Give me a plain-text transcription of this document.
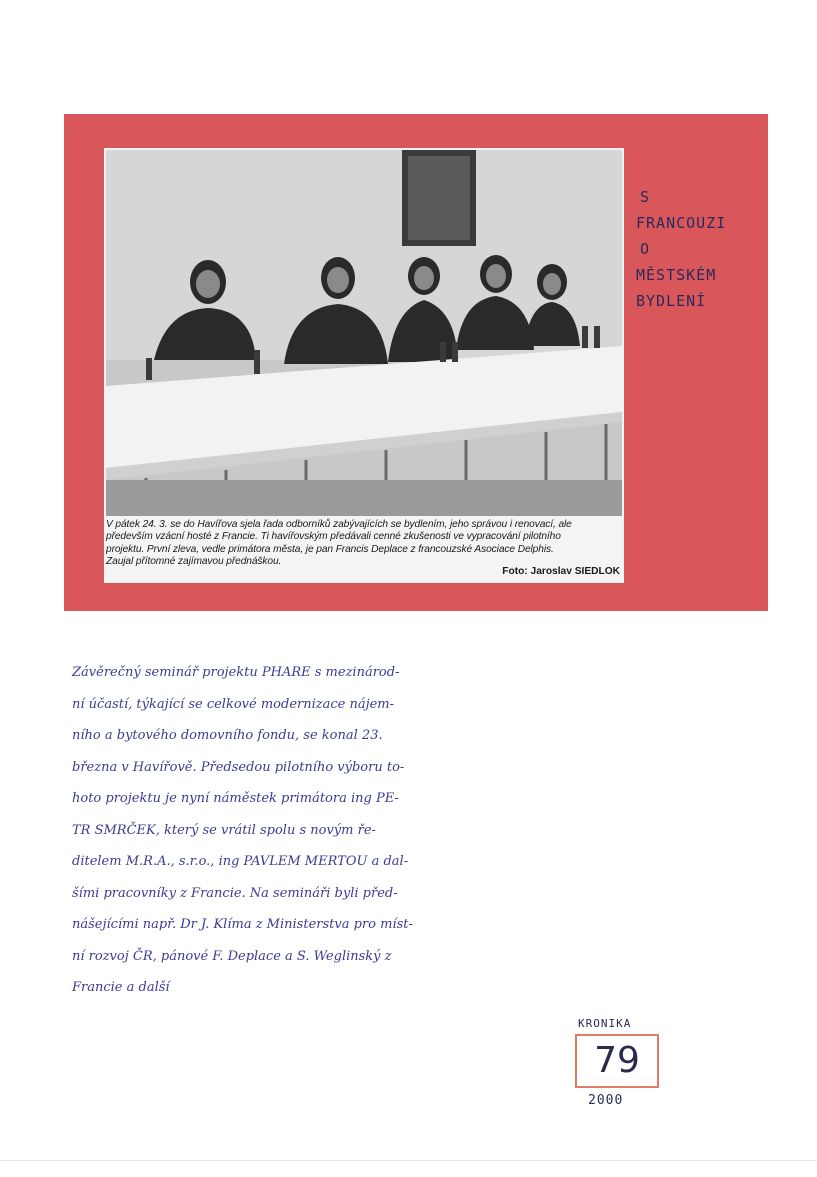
V pátek 24. 3. se do Havířova sjela řada odborníků zabývajících se bydlením, jeho správou i renovací, ale

především vzácní hosté z Francie. Ti havířovským předávali cenné zkušenosti ve vypracování pilotního

projektu. První zleva, vedle primátora města, je pan Francis Deplace z francouzské Asociace Delphis.

Zaujal přítomné zajímavou přednáškou.

Foto: Jaroslav SIEDLOK
S
FRANCOUZI
O
MĚSTSKÉM
BYDLENÍ
Závěrečný seminář projektu PHARE s mezinárod-
ní účastí, týkající se celkové modernizace nájem-
ního a bytového domovního fondu, se konal 23.
března v Havířově. Předsedou pilotního výboru to-
hoto projektu je nyní náměstek primátora ing PE-
TR SMRČEK, který se vrátil spolu s novým ře-
ditelem M.R.A., s.r.o., ing PAVLEM MERTOU a dal-
šími pracovníky z Francie. Na semináři byli před-
nášejícími např. Dr J. Klíma z Ministerstva pro míst-
ní rozvoj ČR, pánové F. Deplace a S. Weglinský z
Francie a další
KRONIKA
79
2000
